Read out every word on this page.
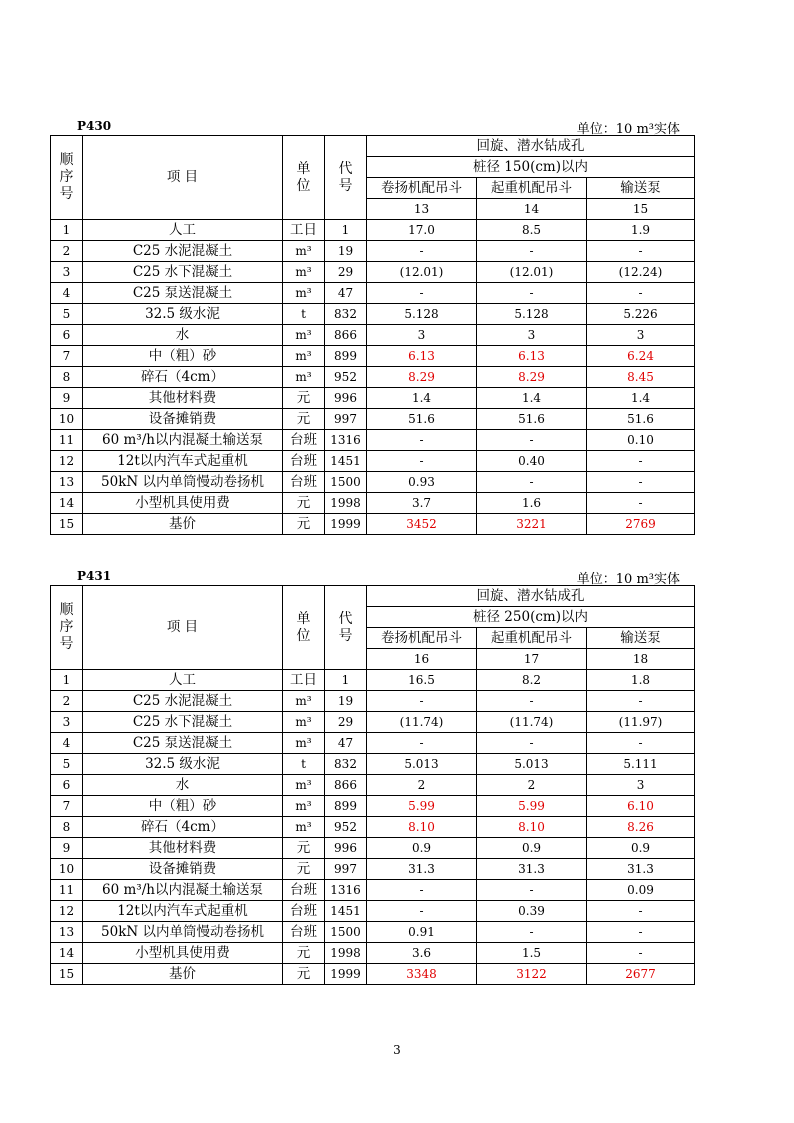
P430	单位：10 m³实体
顺序号	项 目	单位	代号	回旋、潜水钻成孔		
				桩径 150(cm)以内		
				卷扬机配吊斗	起重机配吊斗	输送泵
				13	14	15
1	人工	工日	1	17.0	8.5	1.9
2	C25 水泥混凝土	m³	19	-	-	-
3	C25 水下混凝土	m³	29	(12.01)	(12.01)	(12.24)
4	C25 泵送混凝土	m³	47	-	-	-
5	32.5 级水泥	t	832	5.128	5.128	5.226
6	水	m³	866	3	3	3
7	中（粗）砂	m³	899	6.13	6.13	6.24
8	碎石（4cm）	m³	952	8.29	8.29	8.45
9	其他材料费	元	996	1.4	1.4	1.4
10	设备摊销费	元	997	51.6	51.6	51.6
11	60 m³/h以内混凝土输送泵	台班	1316	-	-	0.10
12	12t以内汽车式起重机	台班	1451	-	0.40	-
13	50kN 以内单筒慢动卷扬机	台班	1500	0.93	-	-
14	小型机具使用费	元	1998	3.7	1.6	-
15	基价	元	1999	3452	3221	2769
P431	单位：10 m³实体
顺序号	项 目	单位	代号	回旋、潜水钻成孔		
				桩径 250(cm)以内		
				卷扬机配吊斗	起重机配吊斗	输送泵
				16	17	18
1	人工	工日	1	16.5	8.2	1.8
2	C25 水泥混凝土	m³	19	-	-	-
3	C25 水下混凝土	m³	29	(11.74)	(11.74)	(11.97)
4	C25 泵送混凝土	m³	47	-	-	-
5	32.5 级水泥	t	832	5.013	5.013	5.111
6	水	m³	866	2	2	3
7	中（粗）砂	m³	899	5.99	5.99	6.10
8	碎石（4cm）	m³	952	8.10	8.10	8.26
9	其他材料费	元	996	0.9	0.9	0.9
10	设备摊销费	元	997	31.3	31.3	31.3
11	60 m³/h以内混凝土输送泵	台班	1316	-	-	0.09
12	12t以内汽车式起重机	台班	1451	-	0.39	-
13	50kN 以内单筒慢动卷扬机	台班	1500	0.91	-	-
14	小型机具使用费	元	1998	3.6	1.5	-
15	基价	元	1999	3348	3122	2677
3
